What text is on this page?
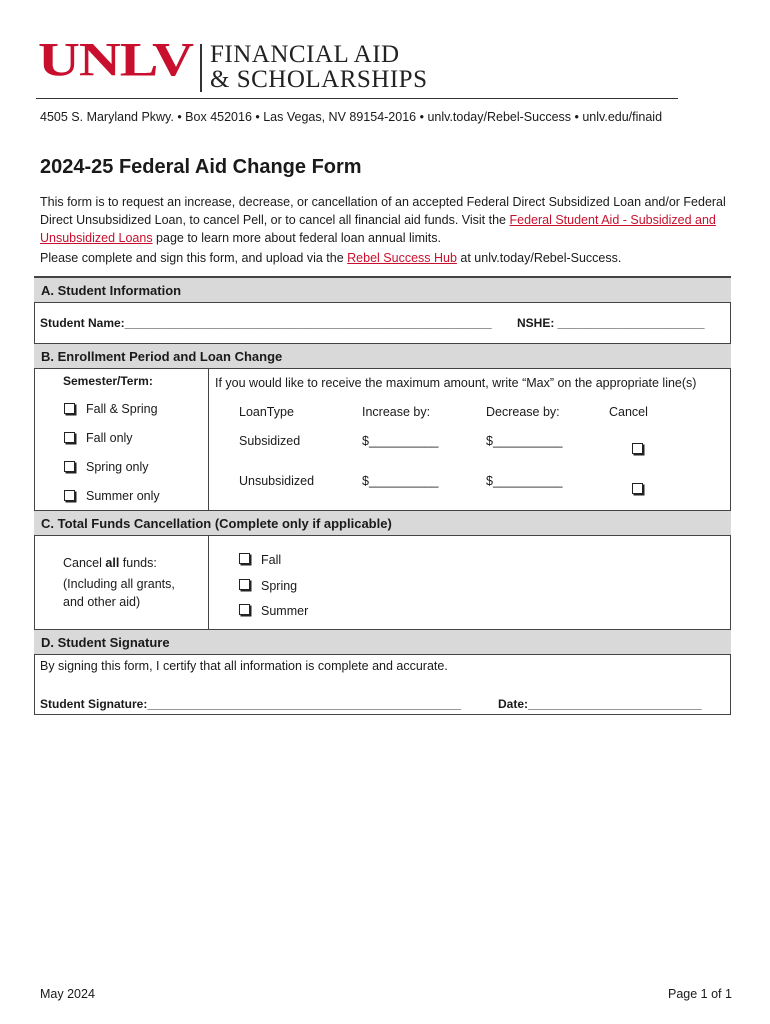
UNLV FINANCIAL AID
& SCHOLARSHIPS
4505 S. Maryland Pkwy. • Box 452016 • Las Vegas, NV 89154-2016 • unlv.today/Rebel-Success • unlv.edu/finaid
2024-25 Federal Aid Change Form
This form is to request an increase, decrease, or cancellation of an accepted Federal Direct Subsidized Loan and/or Federal Direct Unsubsidized Loan, to cancel Pell, or to cancel all financial aid funds. Visit the Federal Student Aid - Subsidized and Unsubsidized Loans page to learn more about federal loan annual limits.
Please complete and sign this form, and upload via the Rebel Success Hub at unlv.today/Rebel-Success.
A. Student Information
Student Name:_______________________________________________________ NSHE: ______________________
B. Enrollment Period and Loan Change
Semester/Term:	If you would like to receive the maximum amount, write “Max” on the appropriate line(s)
Fall & Spring
Fall only
Spring only
Summer only
LoanType	Increase by:	Decrease by:	Cancel
Subsidized	$__________	$__________
Unsubsidized	$__________	$__________
C. Total Funds Cancellation (Complete only if applicable)
Cancel all funds:
(Including all grants,
and other aid)
Fall
Spring
Summer
D. Student Signature
By signing this form, I certify that all information is complete and accurate.
Student Signature:_______________________________________________	Date:__________________________
May 2024	Page 1 of 1
